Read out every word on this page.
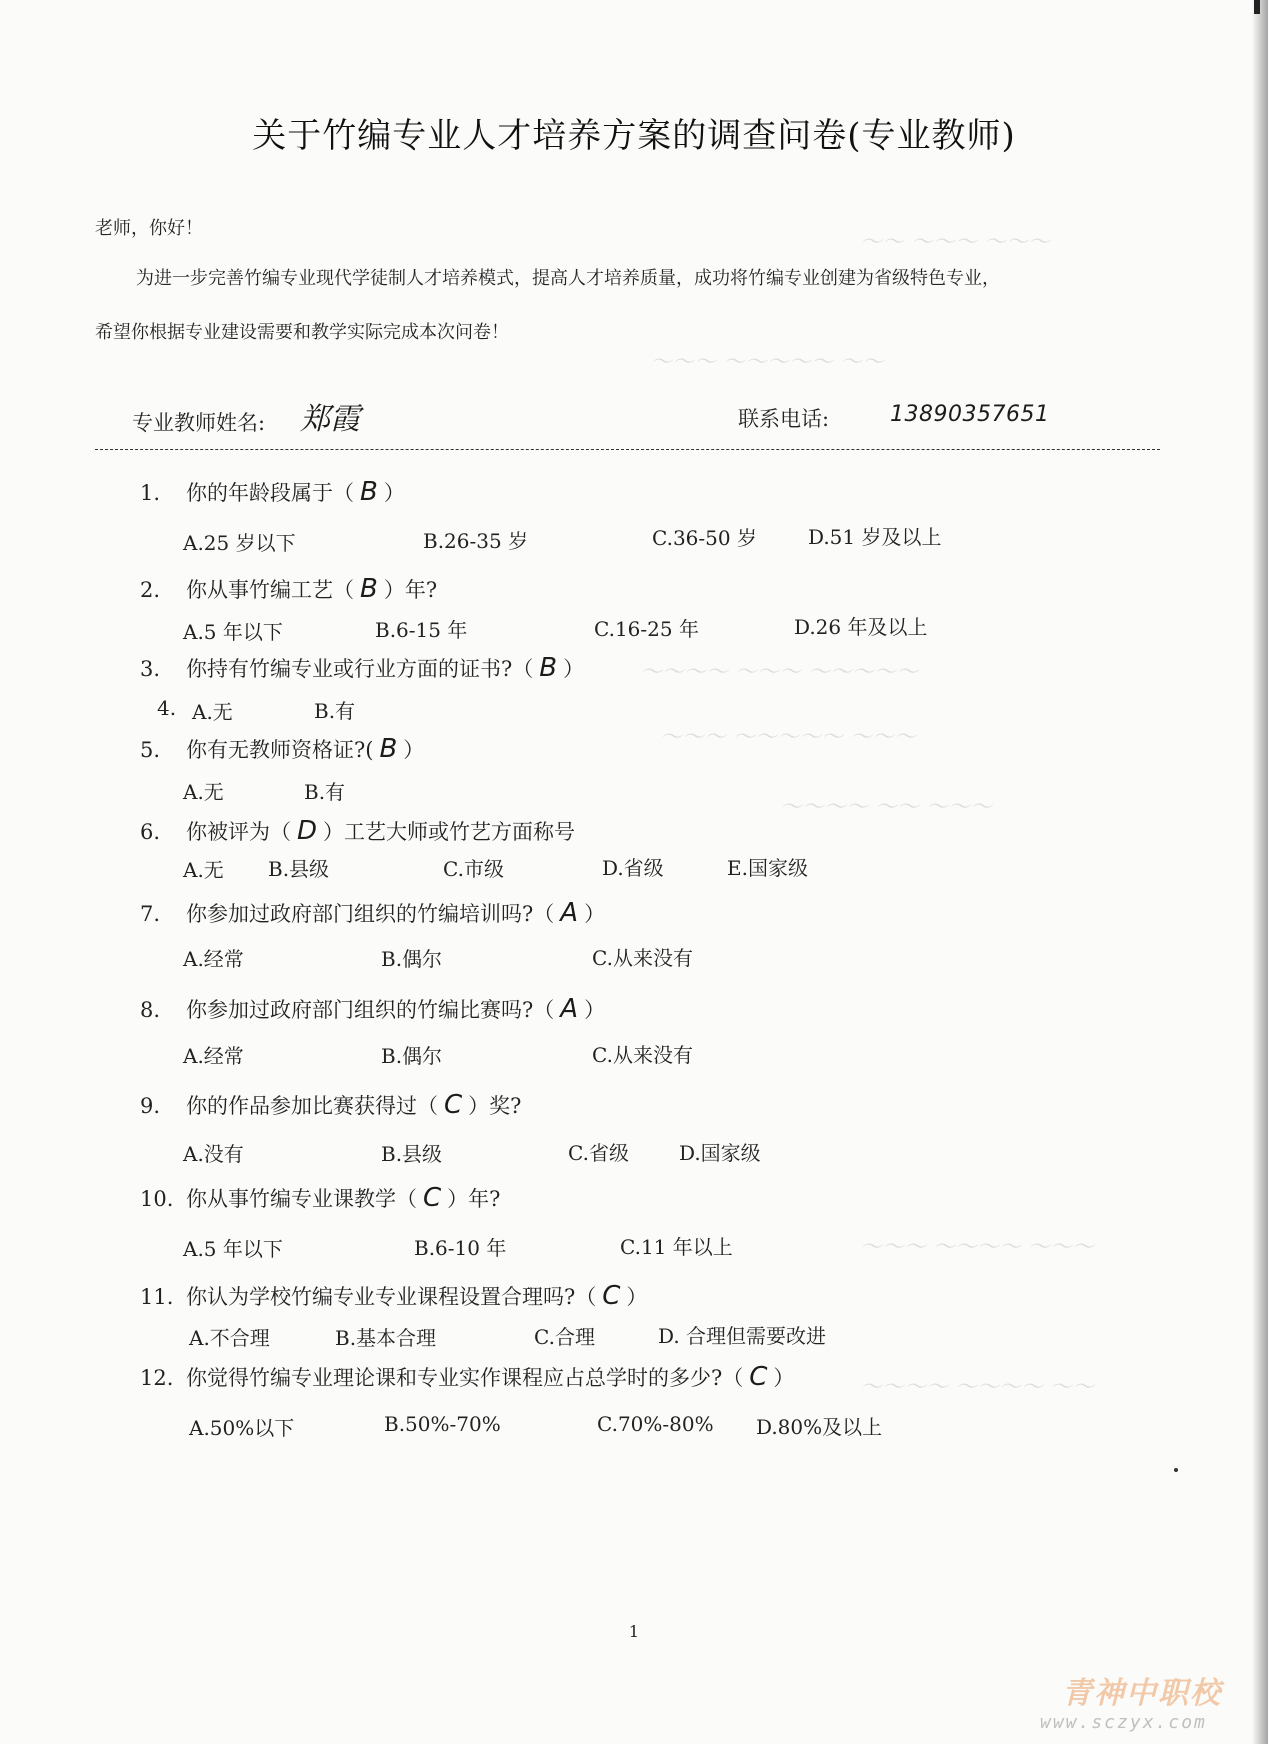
～～ ～～～ ～～～
～～～ ～～～～～ ～～
～～～～ ～～～ ～～～～～
～～～ ～～～～～ ～～～
～～～～ ～～ ～～～
～～～ ～～～～ ～～～
～～～～ ～～～～ ～～
关于竹编专业人才培养方案的调查问卷(专业教师)
老师，你好！
为进一步完善竹编专业现代学徒制人才培养模式，提高人才培养质量，成功将竹编专业创建为省级特色专业，
希望你根据专业建设需要和教学实际完成本次问卷！
专业教师姓名: 郑霞	联系电话:	13890357651
1. 你的年龄段属于（ B ）
A.25 岁以下	B.26-35 岁	C.36-50 岁	D.51 岁及以上
2. 你从事竹编工艺（ B ）年?
A.5 年以下	B.6-15 年	C.16-25 年	D.26 年及以上
3. 你持有竹编专业或行业方面的证书?（ B ）
4. A.无	B.有
5. 你有无教师资格证?( B ）
A.无	B.有
6. 你被评为（ D ）工艺大师或竹艺方面称号
A.无 B.县级	C.市级	D.省级	E.国家级
7. 你参加过政府部门组织的竹编培训吗?（ A ）
A.经常	B.偶尔	C.从来没有
8. 你参加过政府部门组织的竹编比赛吗?（ A ）
A.经常	B.偶尔	C.从来没有
9. 你的作品参加比赛获得过（ C ）奖?
A.没有	B.县级	C.省级	D.国家级
10. 你从事竹编专业课教学（ C ）年?
A.5 年以下	B.6-10 年	C.11 年以上
11. 你认为学校竹编专业专业课程设置合理吗?（ C ）
A.不合理	B.基本合理	C.合理	D. 合理但需要改进
12. 你觉得竹编专业理论课和专业实作课程应占总学时的多少?（ C ）
A.50%以下	B.50%-70%	C.70%-80% D.80%及以上
1
青神中职校
www.sczyx.com
